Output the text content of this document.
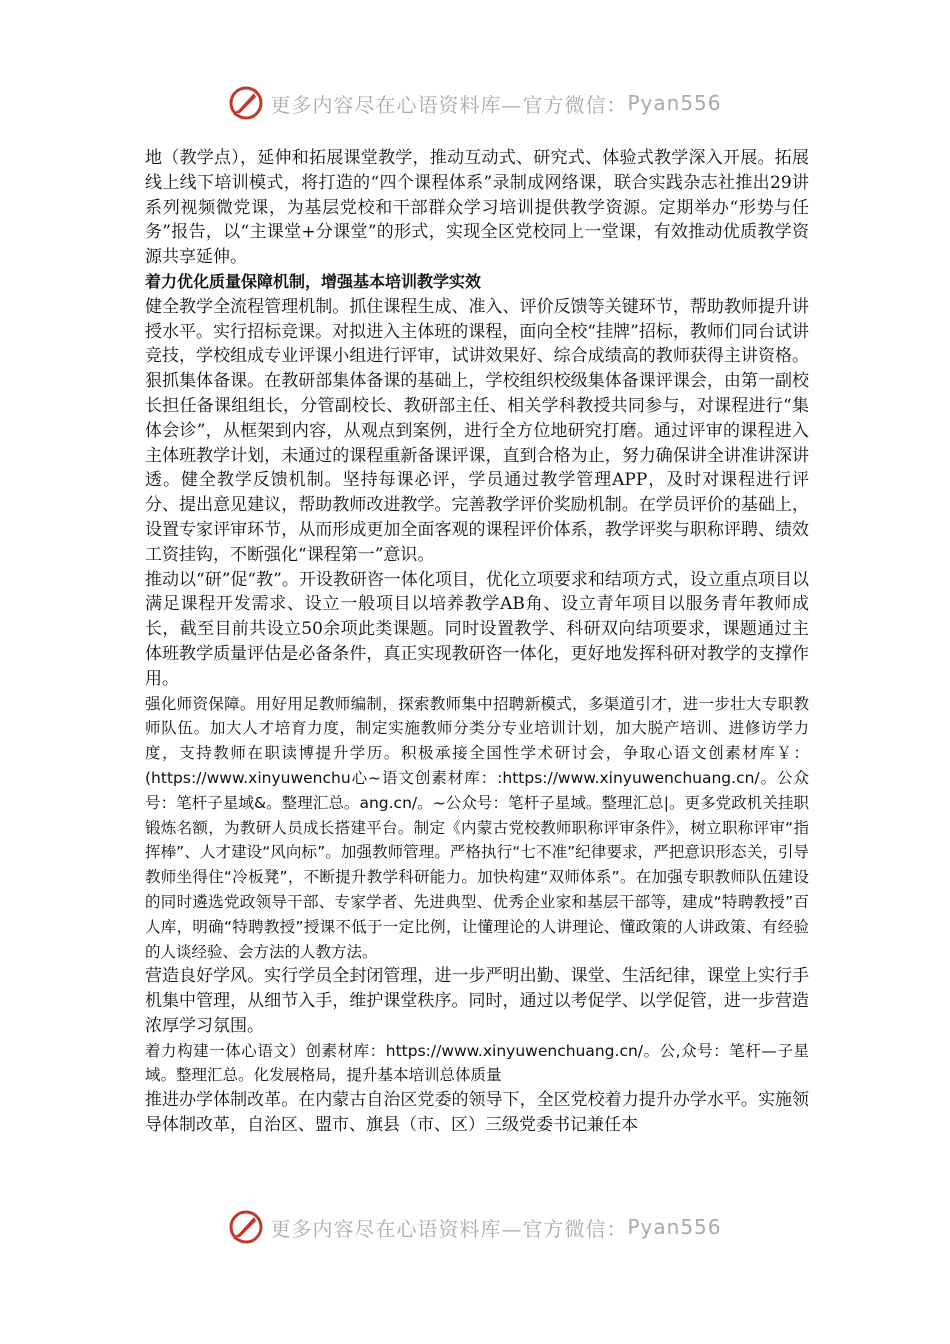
更多内容尽在心语资料库—官方微信： Pyan556

地（教学点），延伸和拓展课堂教学，推动互动式、研究式、体验式教学深入开展。拓展线上线下培训模式，将打造的“四个课程体系”录制成网络课，联合实践杂志社推出29讲系列视频微党课，为基层党校和干部群众学习培训提供教学资源。定期举办“形势与任务”报告，以“主课堂+分课堂”的形式，实现全区党校同上一堂课，有效推动优质教学资源共享延伸。

着力优化质量保障机制，增强基本培训教学实效

健全教学全流程管理机制。抓住课程生成、准入、评价反馈等关键环节，帮助教师提升讲授水平。实行招标竞课。对拟进入主体班的课程，面向全校“挂牌”招标，教师们同台试讲竞技，学校组成专业评课小组进行评审，试讲效果好、综合成绩高的教师获得主讲资格。狠抓集体备课。在教研部集体备课的基础上，学校组织校级集体备课评课会，由第一副校长担任备课组组长，分管副校长、教研部主任、相关学科教授共同参与，对课程进行“集体会诊”，从框架到内容，从观点到案例，进行全方位地研究打磨。通过评审的课程进入主体班教学计划，未通过的课程重新备课评课，直到合格为止，努力确保讲全讲准讲深讲透。健全教学反馈机制。坚持每课必评，学员通过教学管理APP，及时对课程进行评分、提出意见建议，帮助教师改进教学。完善教学评价奖励机制。在学员评价的基础上，设置专家评审环节，从而形成更加全面客观的课程评价体系，教学评奖与职称评聘、绩效工资挂钩，不断强化“课程第一”意识。

推动以“研”促“教”。开设教研咨一体化项目，优化立项要求和结项方式，设立重点项目以满足课程开发需求、设立一般项目以培养教学AB角、设立青年项目以服务青年教师成长，截至目前共设立50余项此类课题。同时设置教学、科研双向结项要求，课题通过主体班教学质量评估是必备条件，真正实现教研咨一体化，更好地发挥科研对教学的支撑作用。

强化师资保障。用好用足教师编制，探索教师集中招聘新模式，多渠道引才，进一步壮大专职教师队伍。加大人才培育力度，制定实施教师分类分专业培训计划，加大脱产培训、进修访学力度，支持教师在职读博提升学历。积极承接全国性学术研讨会，争取心语文创素材库￥：(https://www.xinyuwenchu心~语文创素材库：:https://www.xinyuwenchuang.cn/。公众号：笔杆子星域&。整理汇总。ang.cn/。~公众号：笔杆子星域。整理汇总|。更多党政机关挂职锻炼名额，为教研人员成长搭建平台。制定《内蒙古党校教师职称评审条件》，树立职称评审“指挥棒”、人才建设“风向标”。加强教师管理。严格执行“七不准”纪律要求，严把意识形态关，引导教师坐得住“冷板凳”，不断提升教学科研能力。加快构建“双师体系”。在加强专职教师队伍建设的同时遴选党政领导干部、专家学者、先进典型、优秀企业家和基层干部等，建成“特聘教授”百人库，明确“特聘教授”授课不低于一定比例，让懂理论的人讲理论、懂政策的人讲政策、有经验的人谈经验、会方法的人教方法。

营造良好学风。实行学员全封闭管理，进一步严明出勤、课堂、生活纪律，课堂上实行手机集中管理，从细节入手，维护课堂秩序。同时，通过以考促学、以学促管，进一步营造浓厚学习氛围。

着力构建一体心语文）创素材库：https://www.xinyuwenchuang.cn/。公,众号：笔杆—子星域。整理汇总。化发展格局，提升基本培训总体质量

推进办学体制改革。在内蒙古自治区党委的领导下，全区党校着力提升办学水平。实施领导体制改革，自治区、盟市、旗县（市、区）三级党委书记兼任本

更多内容尽在心语资料库—官方微信： Pyan556
